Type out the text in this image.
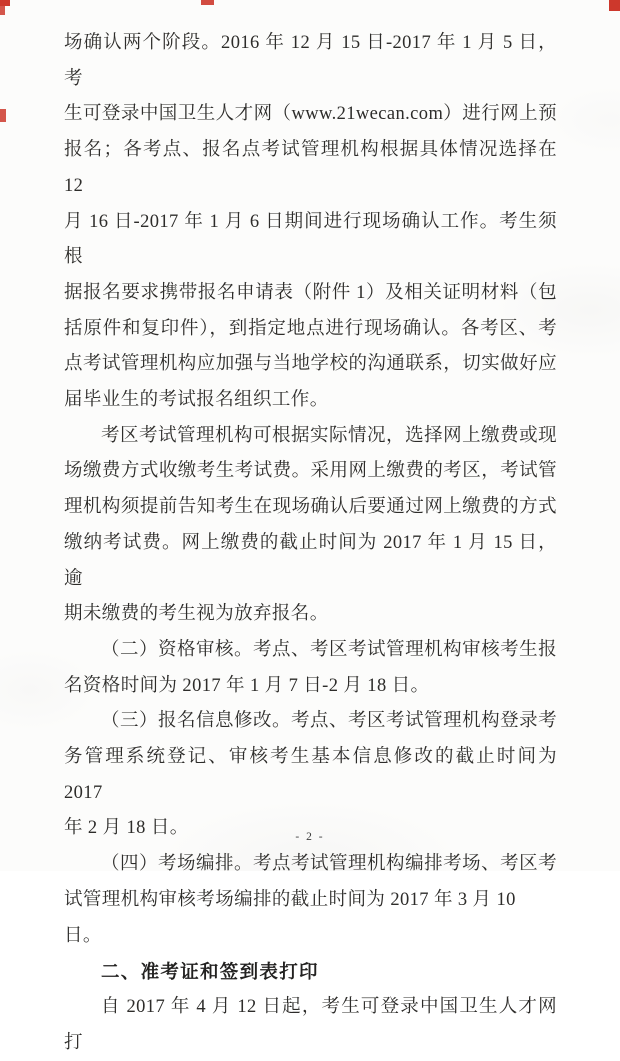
场确认两个阶段。2016 年 12 月 15 日-2017 年 1 月 5 日，考
生可登录中国卫生人才网（www.21wecan.com）进行网上预
报名；各考点、报名点考试管理机构根据具体情况选择在 12
月 16 日-2017 年 1 月 6 日期间进行现场确认工作。考生须根
据报名要求携带报名申请表（附件 1）及相关证明材料（包
括原件和复印件），到指定地点进行现场确认。各考区、考
点考试管理机构应加强与当地学校的沟通联系，切实做好应
届毕业生的考试报名组织工作。
考区考试管理机构可根据实际情况，选择网上缴费或现
场缴费方式收缴考生考试费。采用网上缴费的考区，考试管
理机构须提前告知考生在现场确认后要通过网上缴费的方式
缴纳考试费。网上缴费的截止时间为 2017 年 1 月 15 日，逾
期未缴费的考生视为放弃报名。
（二）资格审核。考点、考区考试管理机构审核考生报
名资格时间为 2017 年 1 月 7 日-2 月 18 日。
（三）报名信息修改。考点、考区考试管理机构登录考
务管理系统登记、审核考生基本信息修改的截止时间为 2017
年 2 月 18 日。
（四）考场编排。考点考试管理机构编排考场、考区考
试管理机构审核考场编排的截止时间为 2017 年 3 月 10 日。
二、准考证和签到表打印
自 2017 年 4 月 12 日起，考生可登录中国卫生人才网打
- 2 -
